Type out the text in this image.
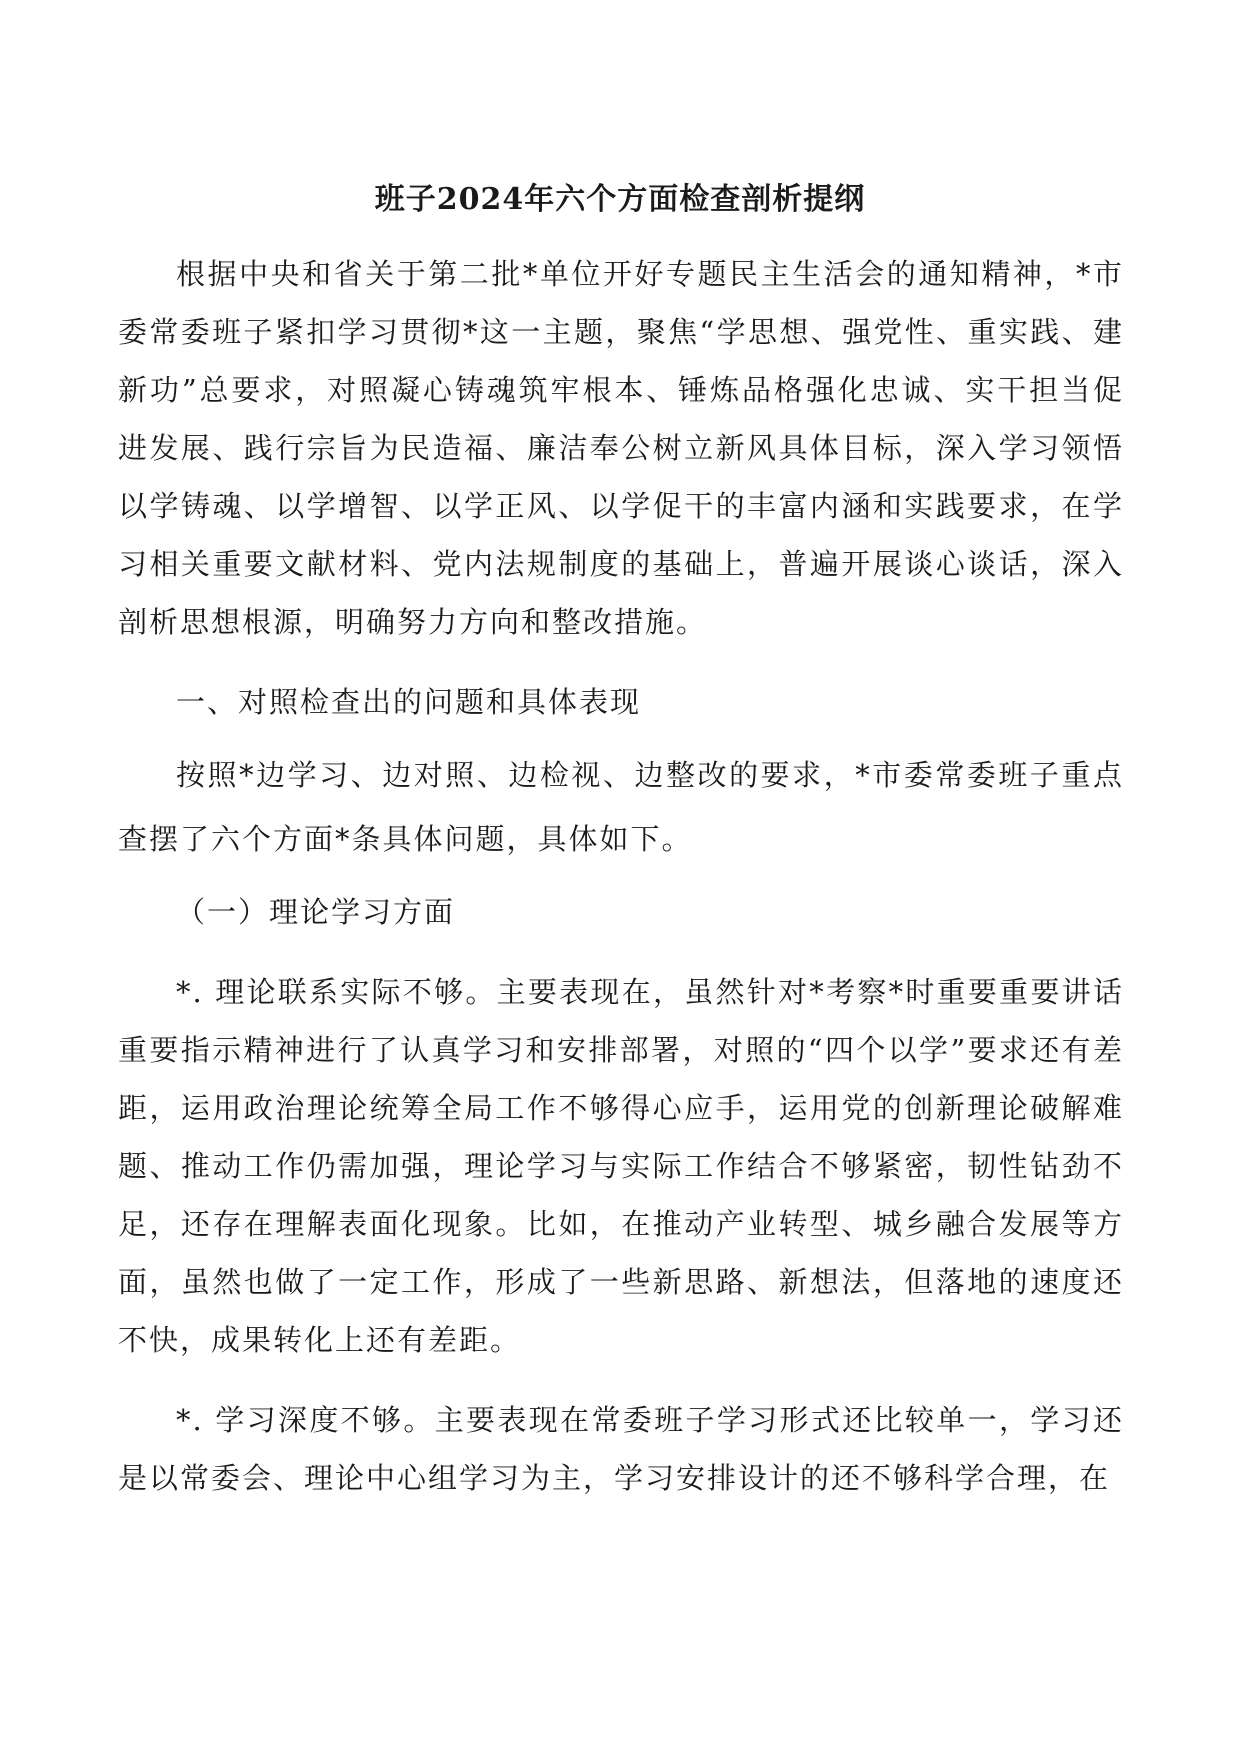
班子2024年六个方面检查剖析提纲

根据中央和省关于第二批*单位开好专题民主生活会的通知精神，*市委常委班子紧扣学习贯彻*这一主题，聚焦“学思想、强党性、重实践、建新功”总要求，对照凝心铸魂筑牢根本、锤炼品格强化忠诚、实干担当促进发展、践行宗旨为民造福、廉洁奉公树立新风具体目标，深入学习领悟以学铸魂、以学增智、以学正风、以学促干的丰富内涵和实践要求，在学习相关重要文献材料、党内法规制度的基础上，普遍开展谈心谈话，深入剖析思想根源，明确努力方向和整改措施。

一、对照检查出的问题和具体表现

按照*边学习、边对照、边检视、边整改的要求，*市委常委班子重点查摆了六个方面*条具体问题，具体如下。

（一）理论学习方面

*. 理论联系实际不够。主要表现在，虽然针对*考察*时重要重要讲话重要指示精神进行了认真学习和安排部署，对照的“四个以学”要求还有差距，运用政治理论统筹全局工作不够得心应手，运用党的创新理论破解难题、推动工作仍需加强，理论学习与实际工作结合不够紧密，韧性钻劲不足，还存在理解表面化现象。比如，在推动产业转型、城乡融合发展等方面，虽然也做了一定工作，形成了一些新思路、新想法，但落地的速度还不快，成果转化上还有差距。

*. 学习深度不够。主要表现在常委班子学习形式还比较单一，学习还是以常委会、理论中心组学习为主，学习安排设计的还不够科学合理，在
